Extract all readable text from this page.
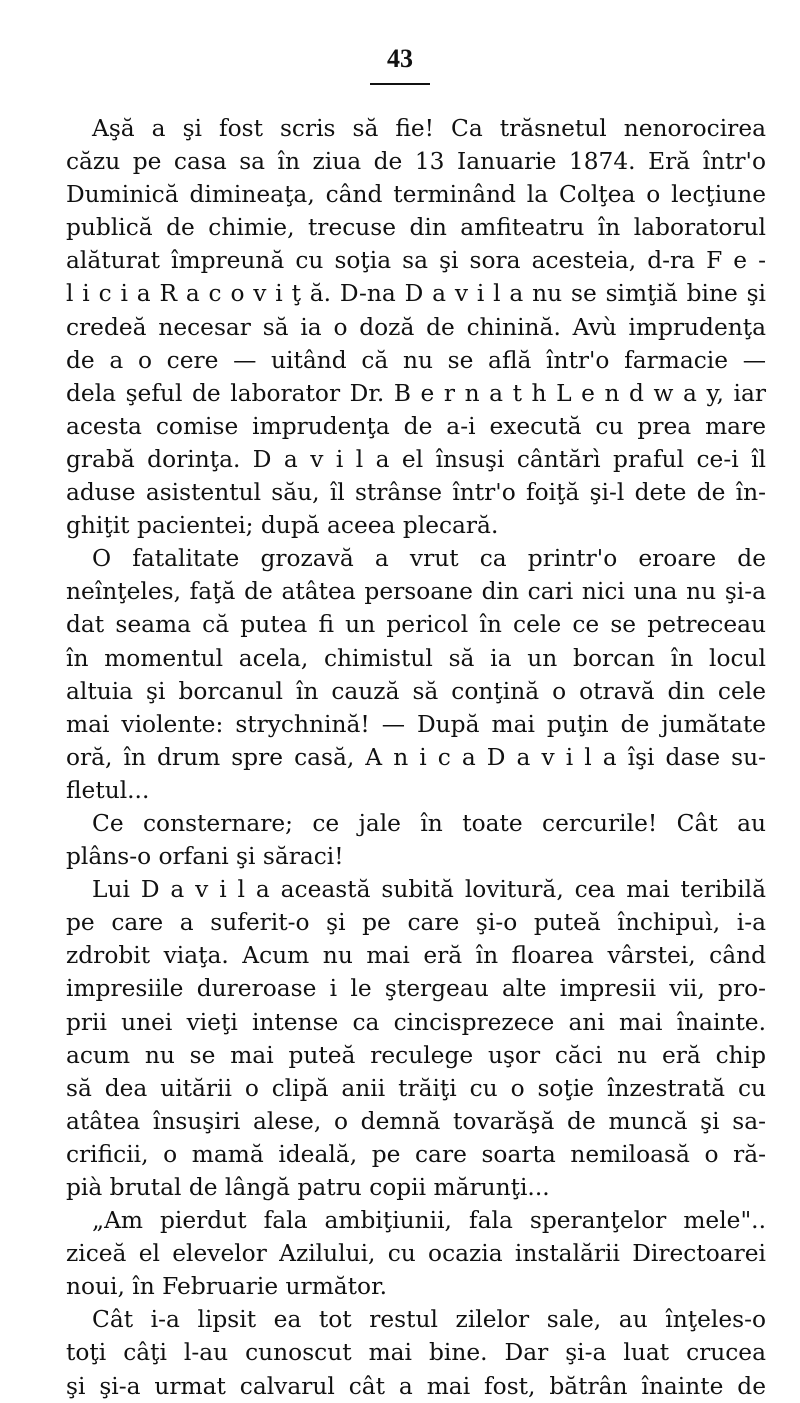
43
Aşă a şi fost scris să fie! Ca trăsnetul nenorocirea
căzu pe casa sa în ziua de 13 Ianuarie 1874. Eră într'o
Duminică dimineaţa, când terminând la Colţea o lecţiune
publică de chimie, trecuse din amfiteatru în laboratorul
alăturat împreună cu soţia sa şi sora acesteia, d-ra F e -
l i c i a R a c o v i ţ ă. D-na D a v i l a nu se simţiă bine şi
credeă necesar să ia o doză de chinină. Avù imprudenţa
de a o cere — uitând că nu se află într'o farmacie —
dela şeful de laborator Dr. B e r n a t h L e n d w a y, iar
acesta comise imprudenţa de a-i execută cu prea mare
grabă dorinţa. D a v i l a el însuşi cântărì praful ce-i îl
aduse asistentul său, îl strânse într'o foiţă şi-l dete de în-
ghiţit pacientei; după aceea plecară.
O fatalitate grozavă a vrut ca printr'o eroare de
neînţeles, faţă de atâtea persoane din cari nici una nu şi-a
dat seama că putea fi un pericol în cele ce se petreceau
în momentul acela, chimistul să ia un borcan în locul
altuia şi borcanul în cauză să conţină o otravă din cele
mai violente: strychnină! — După mai puţin de jumătate
oră, în drum spre casă, A n i c a D a v i l a îşi dase su-
fletul...
Ce consternare; ce jale în toate cercurile! Cât au
plâns-o orfani şi săraci!
Lui D a v i l a această subită lovitură, cea mai teribilă
pe care a suferit-o şi pe care şi-o puteă închipuì, i-a
zdrobit viaţa. Acum nu mai eră în floarea vârstei, când
impresiile dureroase i le ştergeau alte impresii vii, pro-
prii unei vieţi intense ca cincisprezece ani mai înainte.
acum nu se mai puteă reculege uşor căci nu eră chip
să dea uitării o clipă anii trăiţi cu o soţie înzestrată cu
atâtea însuşiri alese, o demnă tovarăşă de muncă şi sa-
crificii, o mamă ideală, pe care soarta nemiloasă o ră-
pià brutal de lângă patru copii mărunţi...
„Am pierdut fala ambiţiunii, fala speranţelor mele"..
ziceă el elevelor Azilului, cu ocazia instalării Directoarei
noui, în Februarie următor.
Cât i-a lipsit ea tot restul zilelor sale, au înţeles-o
toţi câţi l-au cunoscut mai bine. Dar şi-a luat crucea
şi şi-a urmat calvarul cât a mai fost, bătrân înainte de
